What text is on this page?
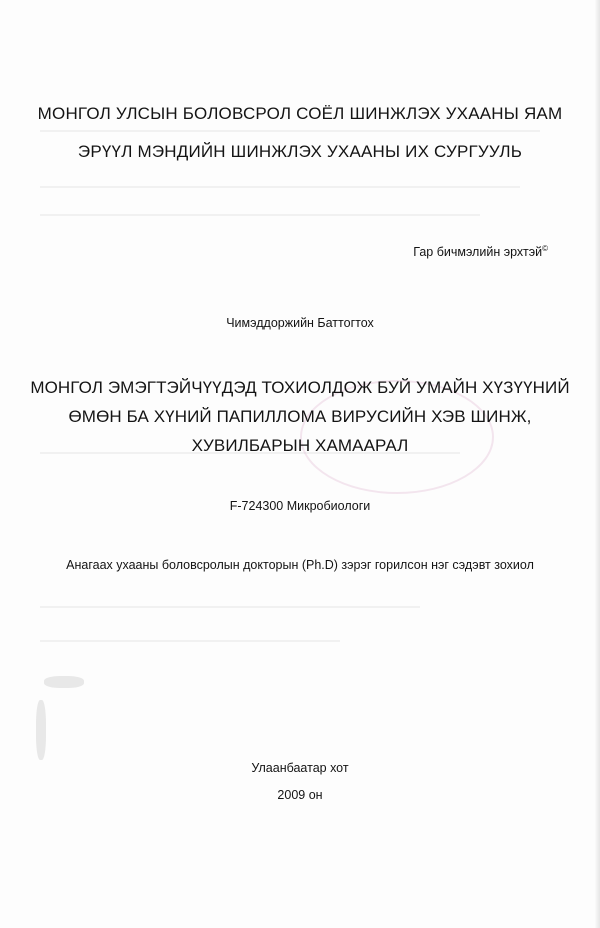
МОНГОЛ УЛСЫН БОЛОВСРОЛ СОЁЛ ШИНЖЛЭХ УХААНЫ ЯАМ
ЭРҮҮЛ МЭНДИЙН ШИНЖЛЭХ УХААНЫ ИХ СУРГУУЛЬ
Гар бичмэлийн эрхтэй©
Чимэддоржийн Баттогтох
МОНГОЛ ЭМЭГТЭЙЧҮҮДЭД ТОХИОЛДОЖ БУЙ УМАЙН ХҮЗҮҮНИЙ
ӨМӨН БА ХҮНИЙ ПАПИЛЛОМА ВИРУСИЙН ХЭВ ШИНЖ,
ХУВИЛБАРЫН ХАМААРАЛ
F-724300 Микробиологи
Анагаах ухааны боловсролын докторын (Ph.D) зэрэг горилсон нэг сэдэвт зохиол
Улаанбаатар хот
2009 он
